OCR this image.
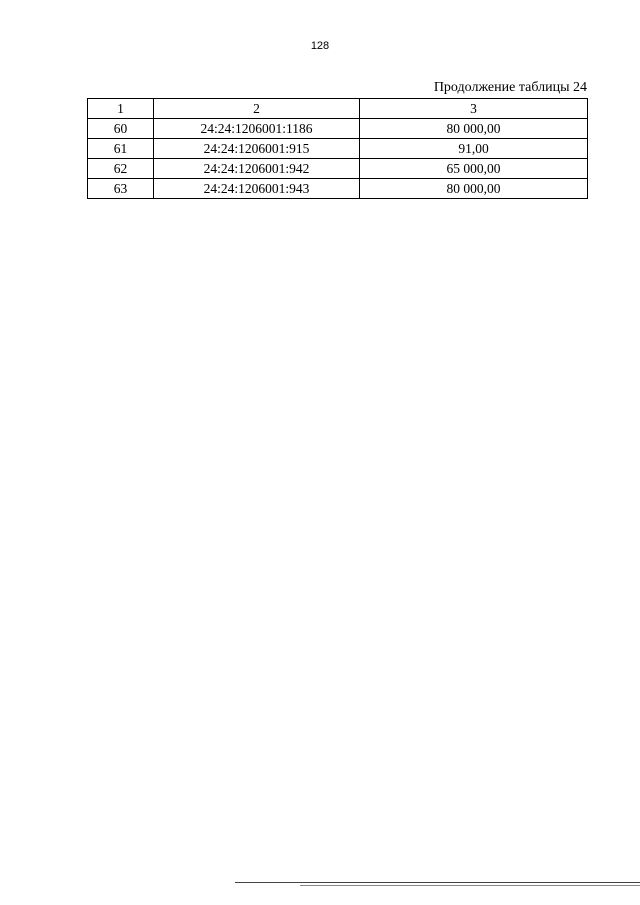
128
Продолжение таблицы 24
1	2	3
60	24:24:1206001:1186	80 000,00
61	24:24:1206001:915	91,00
62	24:24:1206001:942	65 000,00
63	24:24:1206001:943	80 000,00
